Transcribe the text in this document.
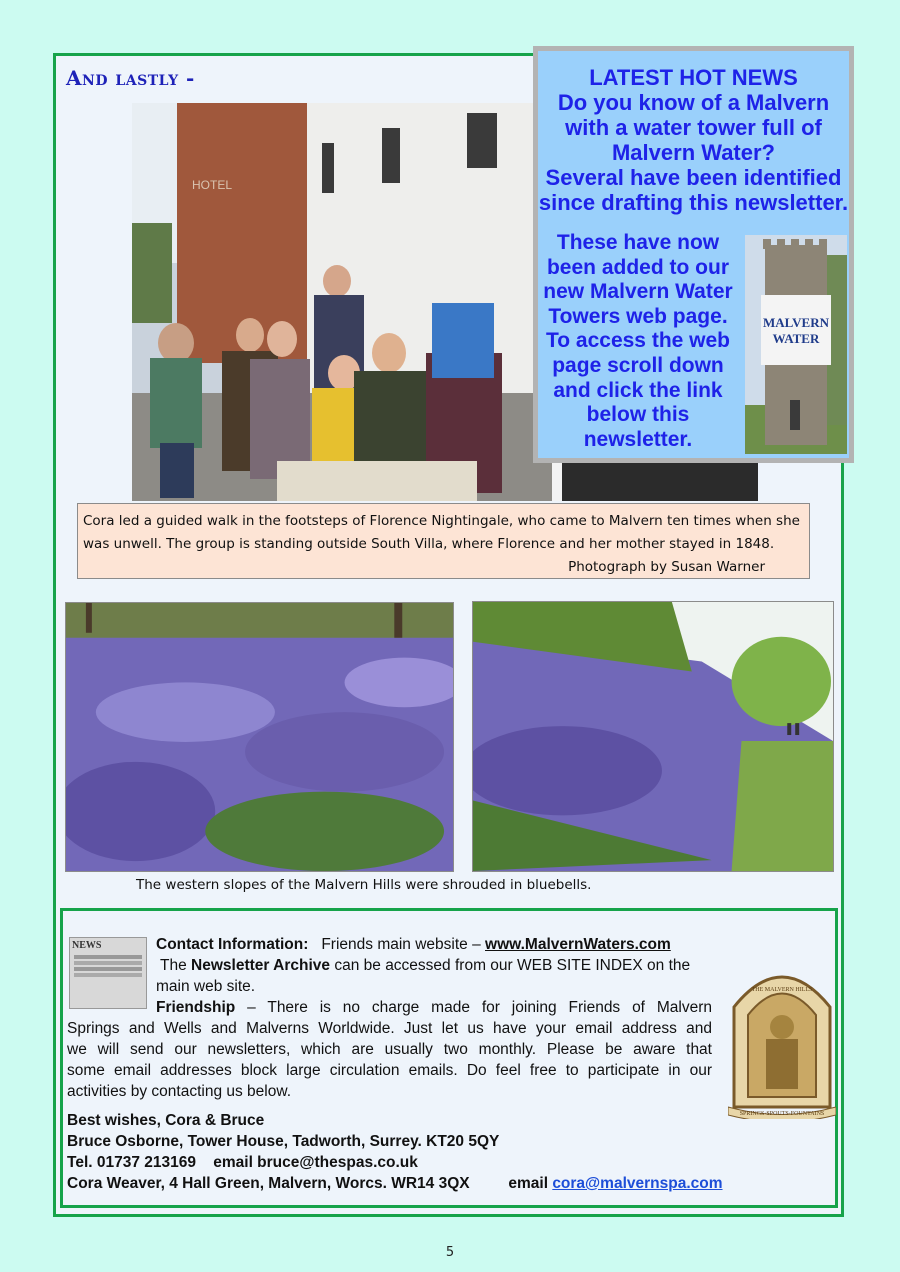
And lastly -
HOTEL
LATEST HOT NEWS
Do you know of a Malvern
with a water tower full of
Malvern Water?
Several have been identified
since drafting this newsletter.
These have now
been added to our
new Malvern Water
Towers web page.
To access the web
page scroll down
and click the link
below this
newsletter.
MALVERN
WATER
Cora led a guided walk in the footsteps of Florence Nightingale, who came to Malvern ten times when she
was unwell. The group is standing outside South Villa, where Florence and her mother stayed in 1848.
Photograph by Susan Warner
The western slopes of the Malvern Hills were shrouded in bluebells.
NEWS
THE MALVERN HILLS
SPRINGS·SPOUTS·FOUNTAINS
Contact Information: Friends main website – www.MalvernWaters.com
The Newsletter Archive can be accessed from our WEB SITE INDEX on the
main web site.
Friendship – There is no charge made for joining Friends of Malvern
Springs and Wells and Malverns Worldwide. Just let us have your email address and
we will send our newsletters, which are usually two monthly. Please be aware that
some email addresses block large circulation emails. Do feel free to participate in our
activities by contacting us below.
Best wishes, Cora & Bruce
Bruce Osborne, Tower House, Tadworth, Surrey. KT20 5QY
Tel. 01737 213169 email bruce@thespas.co.uk
Cora Weaver, 4 Hall Green, Malvern, Worcs. WR14 3QX	email cora@malvernspa.com
5
